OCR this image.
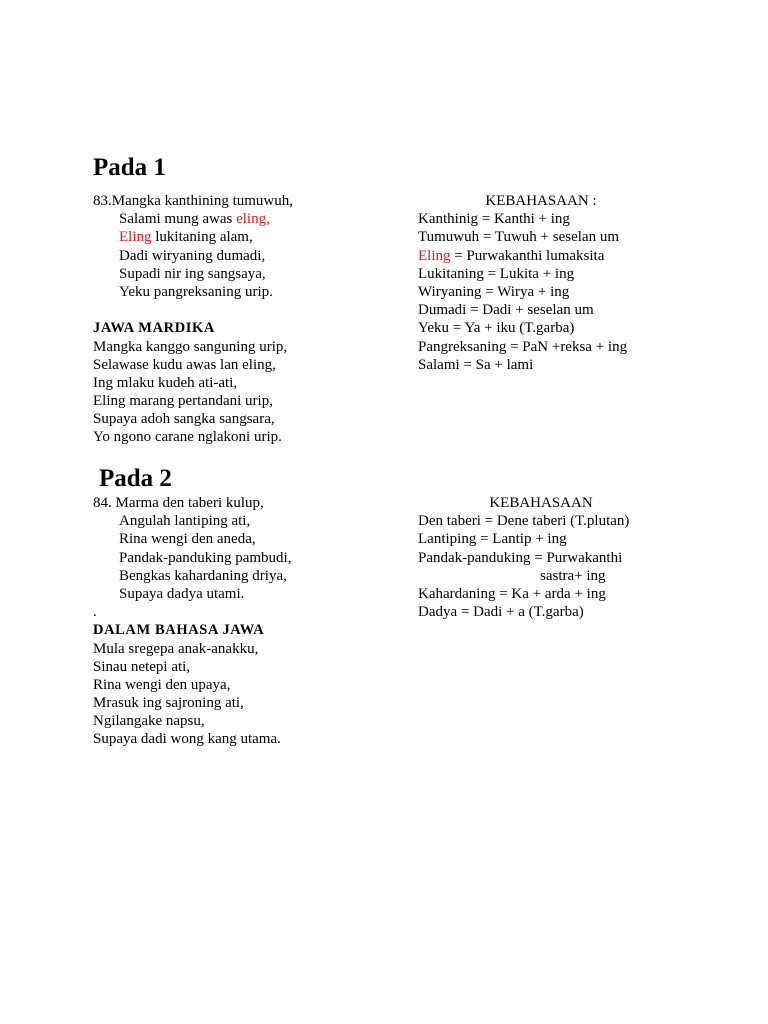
Pada 1
83.Mangka kanthining tumuwuh,
Salami mung awas eling,
Eling lukitaning alam,
Dadi wiryaning dumadi,
Supadi nir ing sangsaya,
Yeku pangreksaning urip.
JAWA MARDIKA
Mangka kanggo sanguning urip,
Selawase kudu awas lan eling,
Ing mlaku kudeh ati-ati,
Eling marang pertandani urip,
Supaya adoh sangka sangsara,
Yo ngono carane nglakoni urip.
KEBAHASAAN :
Kanthinig = Kanthi + ing
Tumuwuh = Tuwuh + seselan um
Eling = Purwakanthi lumaksita
Lukitaning = Lukita + ing
Wiryaning = Wirya + ing
Dumadi = Dadi + seselan um
Yeku = Ya + iku (T.garba)
Pangreksaning = PaN +reksa + ing
Salami = Sa + lami
Pada 2
84. Marma den taberi kulup,
Angulah lantiping ati,
Rina wengi den aneda,
Pandak-panduking pambudi,
Bengkas kahardaning driya,
Supaya dadya utami.
.
DALAM BAHASA JAWA
Mula sregepa anak-anakku,
Sinau netepi ati,
Rina wengi den upaya,
Mrasuk ing sajroning ati,
Ngilangake napsu,
Supaya dadi wong kang utama.
KEBAHASAAN
Den taberi = Dene taberi (T.plutan)
Lantiping = Lantip + ing
Pandak-panduking = Purwakanthi
sastra+ ing
Kahardaning = Ka + arda + ing
Dadya = Dadi + a (T.garba)
